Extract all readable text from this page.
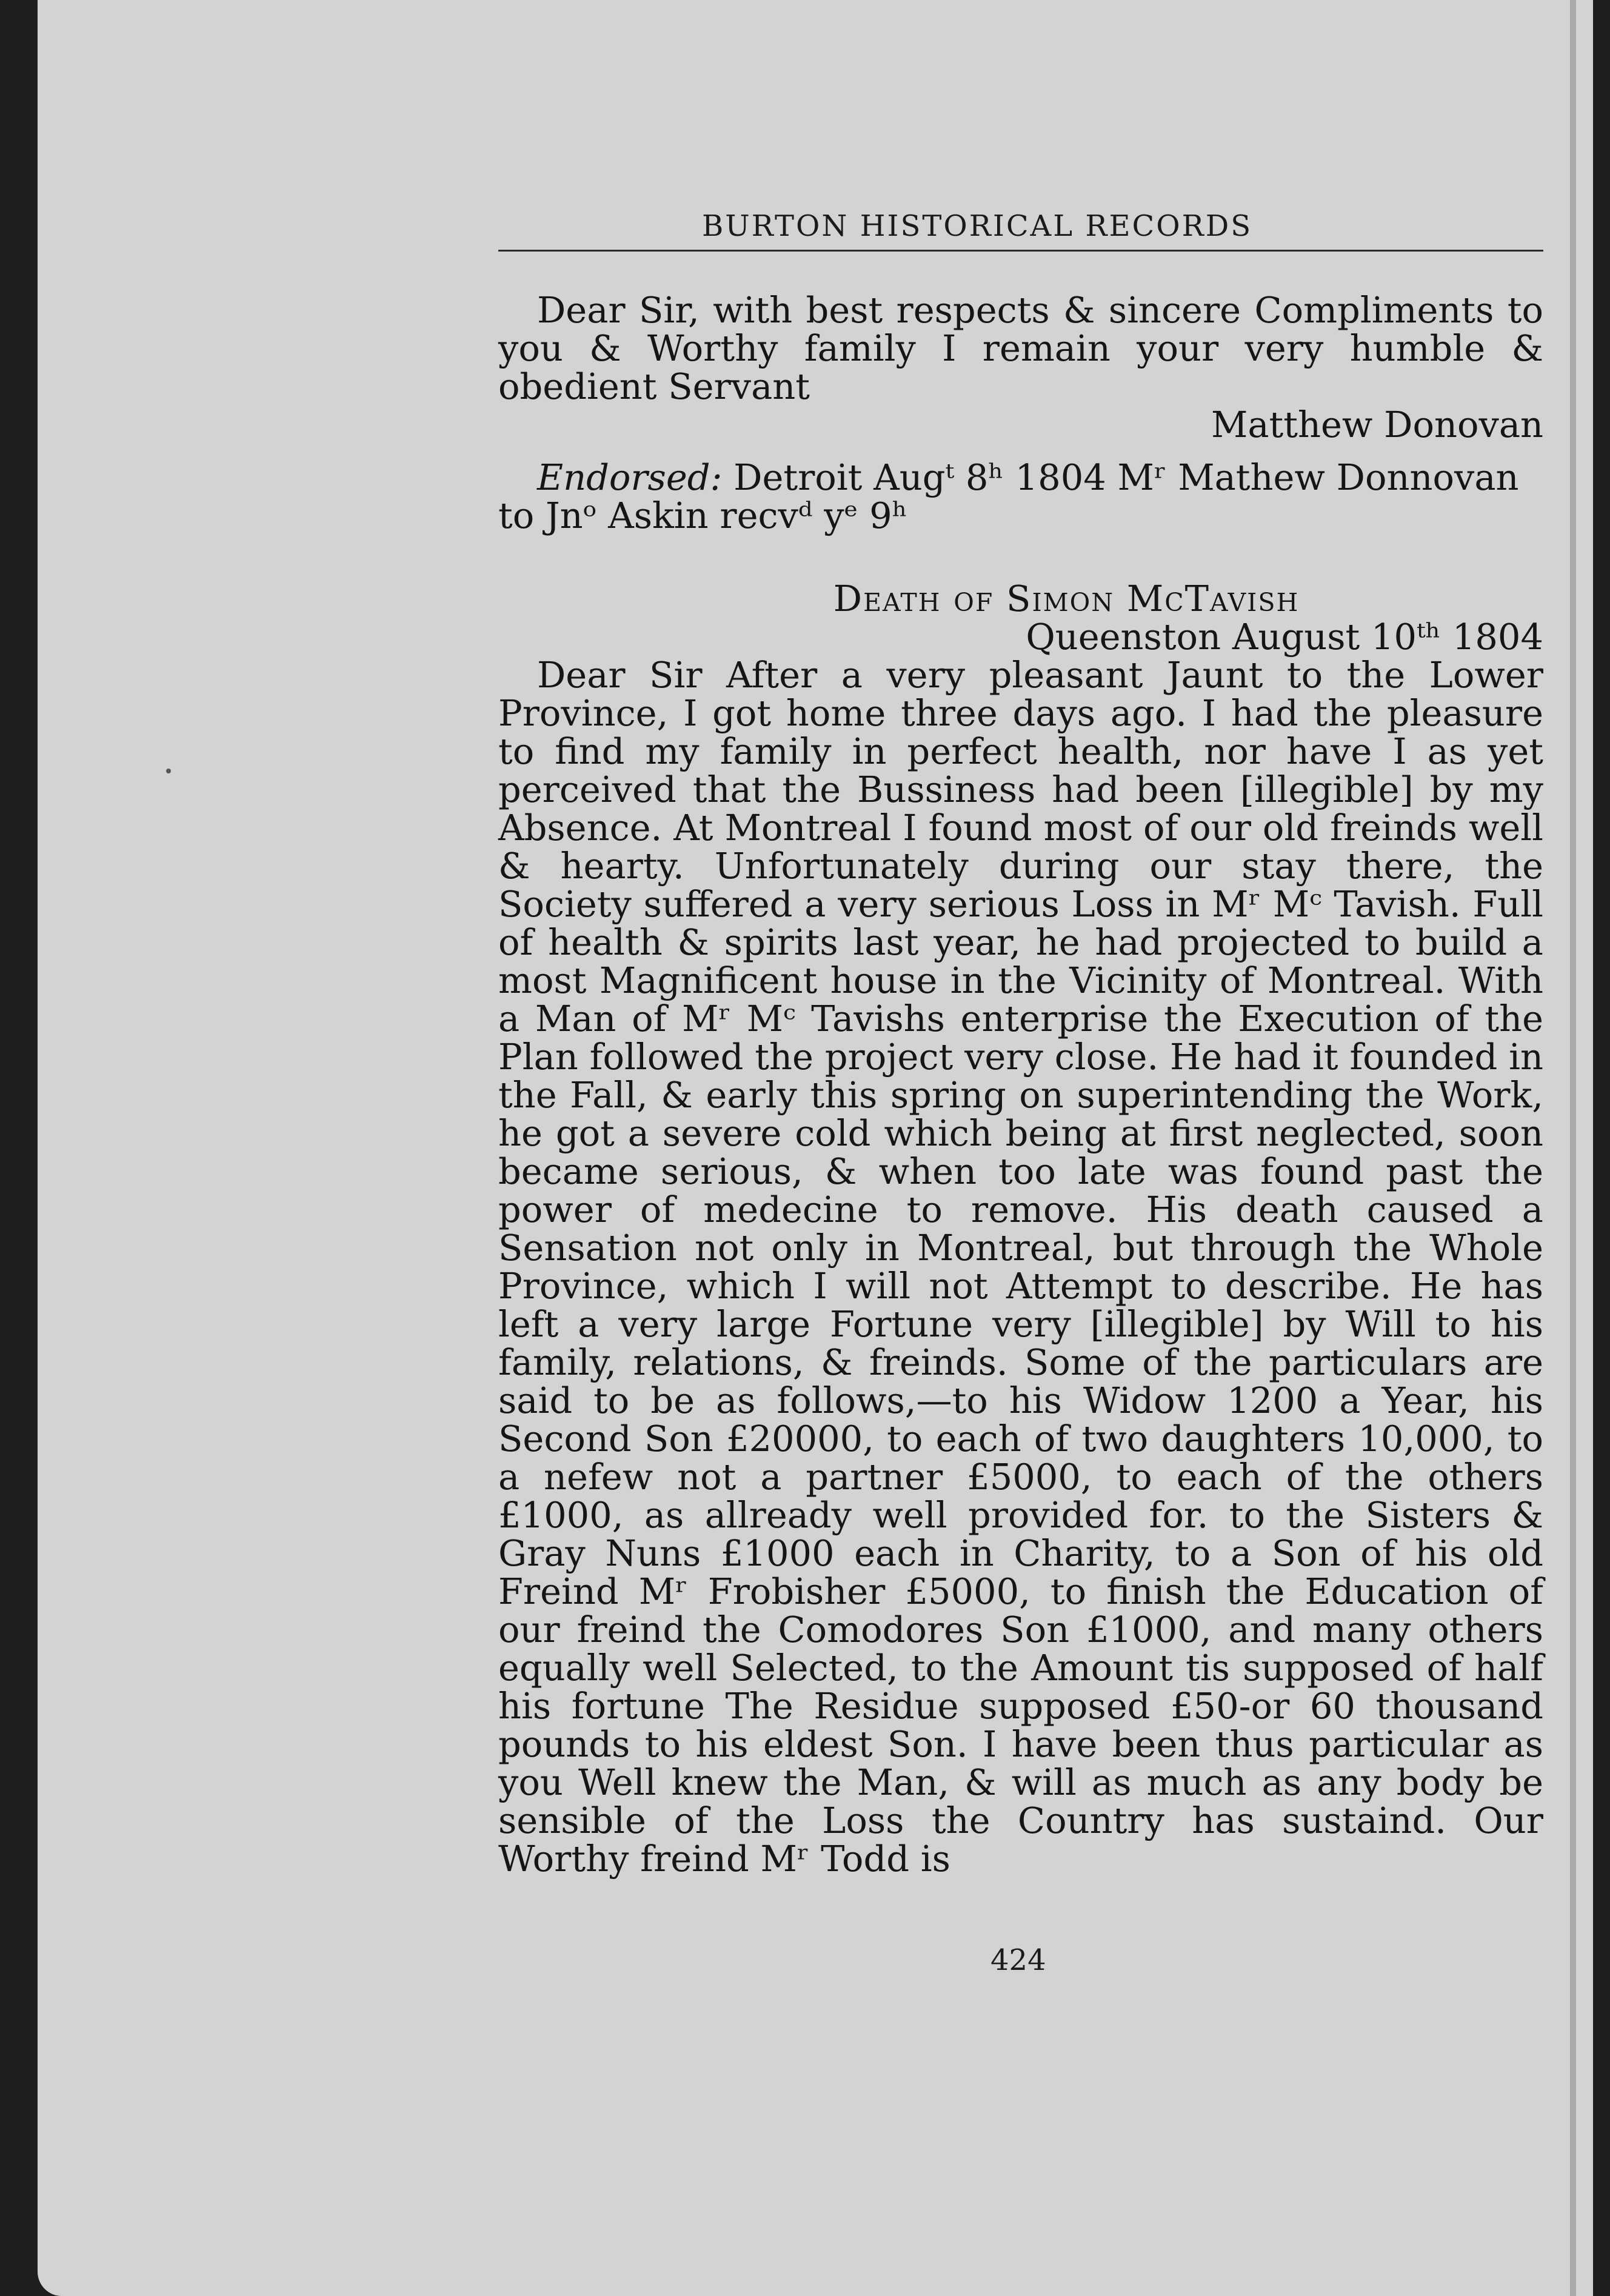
BURTON HISTORICAL RECORDS

Dear Sir, with best respects & sincere Compliments to you & Worthy family I remain your very humble & obedient Servant

Matthew Donovan

Endorsed: Detroit Augᵗ 8ʰ 1804 Mʳ Mathew Donnovan

to Jnᵒ Askin recvᵈ yᵉ 9ʰ

Death of Simon McTavish

Queenston August 10ᵗʰ 1804

Dear Sir After a very pleasant Jaunt to the Lower Province, I got home three days ago. I had the pleasure to find my family in perfect health, nor have I as yet perceived that the Bussiness had been [illegible] by my Absence. At Montreal I found most of our old freinds well & hearty. Unfortunately during our stay there, the Society suffered a very serious Loss in Mʳ Mᶜ Tavish. Full of health & spirits last year, he had projected to build a most Magnificent house in the Vicinity of Montreal. With a Man of Mʳ Mᶜ Tavishs enterprise the Execution of the Plan followed the project very close. He had it founded in the Fall, & early this spring on superintending the Work, he got a severe cold which being at first neglected, soon became serious, & when too late was found past the power of medecine to remove. His death caused a Sensation not only in Montreal, but through the Whole Province, which I will not Attempt to describe. He has left a very large Fortune very [illegible] by Will to his family, relations, & freinds. Some of the particulars are said to be as follows,—to his Widow 1200 a Year, his Second Son £20000, to each of two daughters 10,000, to a nefew not a partner £5000, to each of the others £1000, as allready well provided for. to the Sisters & Gray Nuns £1000 each in Charity, to a Son of his old Freind Mʳ Frobisher £5000, to finish the Education of our freind the Comodores Son £1000, and many others equally well Selected, to the Amount tis supposed of half his fortune The Residue supposed £50-or 60 thousand pounds to his eldest Son. I have been thus particular as you Well knew the Man, & will as much as any body be sensible of the Loss the Country has sustaind. Our Worthy freind Mʳ Todd is

424
